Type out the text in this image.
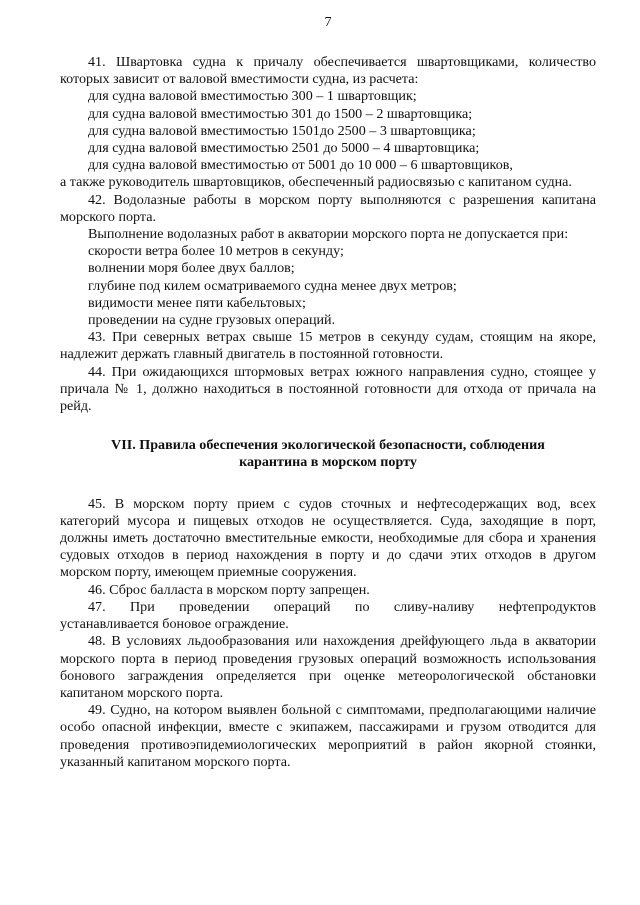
7

41. Швартовка судна к причалу обеспечивается швартовщиками, количество которых зависит от валовой вместимости судна, из расчета:

для судна валовой вместимостью 300 – 1 швартовщик;

для судна валовой вместимостью 301 до 1500 – 2 швартовщика;

для судна валовой вместимостью 1501до 2500 – 3 швартовщика;

для судна валовой вместимостью 2501 до 5000 – 4 швартовщика;

для судна валовой вместимостью от 5001 до 10 000 – 6 швартовщиков,

а также руководитель швартовщиков, обеспеченный радиосвязью с капитаном судна.

42. Водолазные работы в морском порту выполняются с разрешения капитана морского порта.

Выполнение водолазных работ в акватории морского порта не допускается при:

скорости ветра более 10 метров в секунду;

волнении моря более двух баллов;

глубине под килем осматриваемого судна менее двух метров;

видимости менее пяти кабельтовых;

проведении на судне грузовых операций.

43. При северных ветрах свыше 15 метров в секунду судам, стоящим на якоре, надлежит держать главный двигатель в постоянной готовности.

44. При ожидающихся штормовых ветрах южного направления судно, стоящее у причала № 1, должно находиться в постоянной готовности для отхода от причала на рейд.

VII. Правила обеспечения экологической безопасности, соблюдения
карантина в морском порту

45. В морском порту прием с судов сточных и нефтесодержащих вод, всех категорий мусора и пищевых отходов не осуществляется. Суда, заходящие в порт, должны иметь достаточно вместительные емкости, необходимые для сбора и хранения судовых отходов в период нахождения в порту и до сдачи этих отходов в другом морском порту, имеющем приемные сооружения.

46. Сброс балласта в морском порту запрещен.

47. При проведении операций по сливу-наливу нефтепродуктов

устанавливается боновое ограждение.

48. В условиях льдообразования или нахождения дрейфующего льда в акватории морского порта в период проведения грузовых операций возможность использования бонового заграждения определяется при оценке метеорологической обстановки капитаном морского порта.

49. Судно, на котором выявлен больной с симптомами, предполагающими наличие особо опасной инфекции, вместе с экипажем, пассажирами и грузом отводится для проведения противоэпидемиологических мероприятий в район якорной стоянки, указанный капитаном морского порта.
